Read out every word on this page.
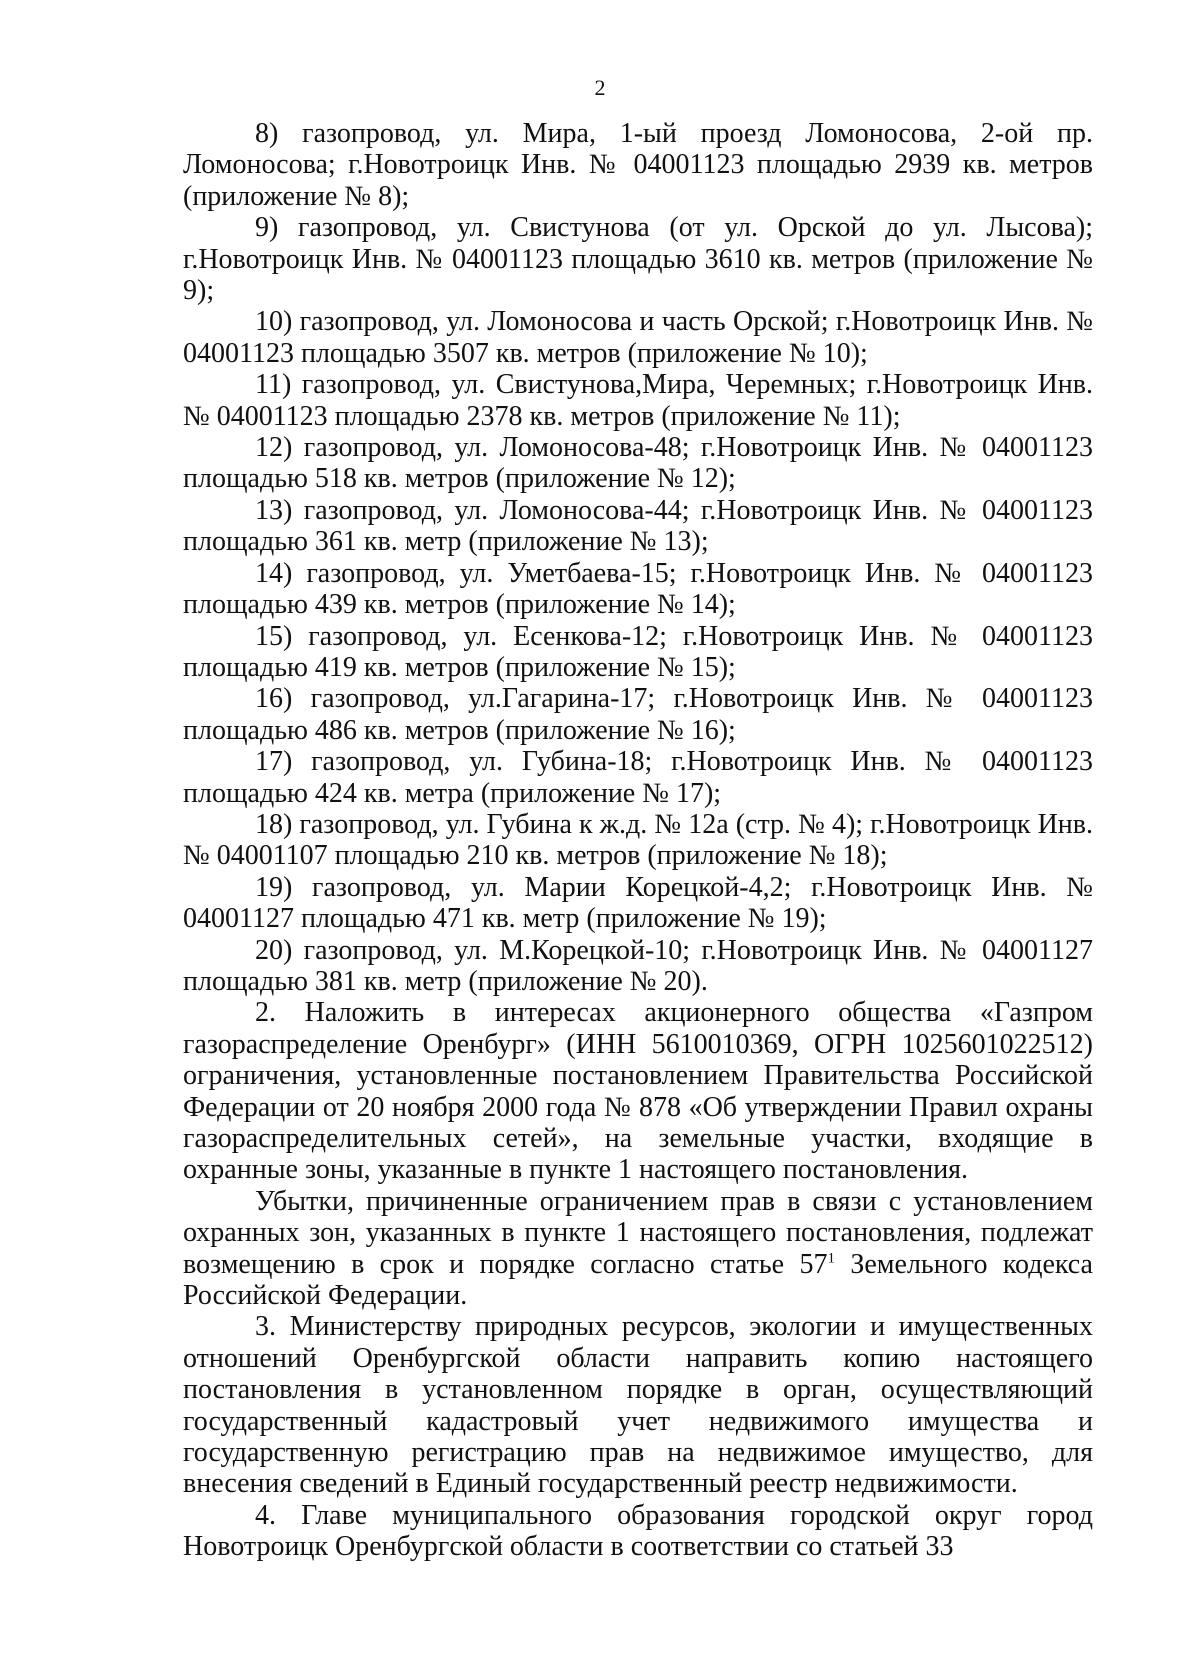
2

8) газопровод, ул. Мира, 1-ый проезд Ломоносова, 2-ой пр. Ломоносова; г.Новотроицк Инв. № 04001123 площадью 2939 кв. метров (приложение № 8);

9) газопровод, ул. Свистунова (от ул. Орской до ул. Лысова); г.Новотроицк Инв. № 04001123 площадью 3610 кв. метров (приложение № 9);

10) газопровод, ул. Ломоносова и часть Орской; г.Новотроицк Инв. № 04001123 площадью 3507 кв. метров (приложение № 10);

11) газопровод, ул. Свистунова,Мира, Черемных; г.Новотроицк Инв. № 04001123 площадью 2378 кв. метров (приложение № 11);

12) газопровод, ул. Ломоносова-48; г.Новотроицк Инв. № 04001123 площадью 518 кв. метров (приложение № 12);

13) газопровод, ул. Ломоносова-44; г.Новотроицк Инв. № 04001123 площадью 361 кв. метр (приложение № 13);

14) газопровод, ул. Уметбаева-15; г.Новотроицк Инв. № 04001123 площадью 439 кв. метров (приложение № 14);

15) газопровод, ул. Есенкова-12; г.Новотроицк Инв. № 04001123 площадью 419 кв. метров (приложение № 15);

16) газопровод, ул.Гагарина-17; г.Новотроицк Инв. № 04001123 площадью 486 кв. метров (приложение № 16);

17) газопровод, ул. Губина-18; г.Новотроицк Инв. № 04001123 площадью 424 кв. метра (приложение № 17);

18) газопровод, ул. Губина к ж.д. № 12а (стр. № 4); г.Новотроицк Инв. № 04001107 площадью 210 кв. метров (приложение № 18);

19) газопровод, ул. Марии Корецкой-4,2; г.Новотроицк Инв. № 04001127 площадью 471 кв. метр (приложение № 19);

20) газопровод, ул. М.Корецкой-10; г.Новотроицк Инв. № 04001127 площадью 381 кв. метр (приложение № 20).

2. Наложить в интересах акционерного общества «Газпром газораспределение Оренбург» (ИНН 5610010369, ОГРН 1025601022512) ограничения, установленные постановлением Правительства Российской Федерации от 20 ноября 2000 года № 878 «Об утверждении Правил охраны газораспределительных сетей», на земельные участки, входящие в охранные зоны, указанные в пункте 1 настоящего постановления.

Убытки, причиненные ограничением прав в связи с установлением охранных зон, указанных в пункте 1 настоящего постановления, подлежат возмещению в срок и порядке согласно статье $57^1$ Земельного кодекса Российской Федерации.

3. Министерству природных ресурсов, экологии и имущественных отношений Оренбургской области направить копию настоящего постановления в установленном порядке в орган, осуществляющий государственный кадастровый учет недвижимого имущества и государственную регистрацию прав на недвижимое имущество, для внесения сведений в Единый государственный реестр недвижимости.

4. Главе муниципального образования городской округ город Новотроицк Оренбургской области в соответствии со статьей 33
